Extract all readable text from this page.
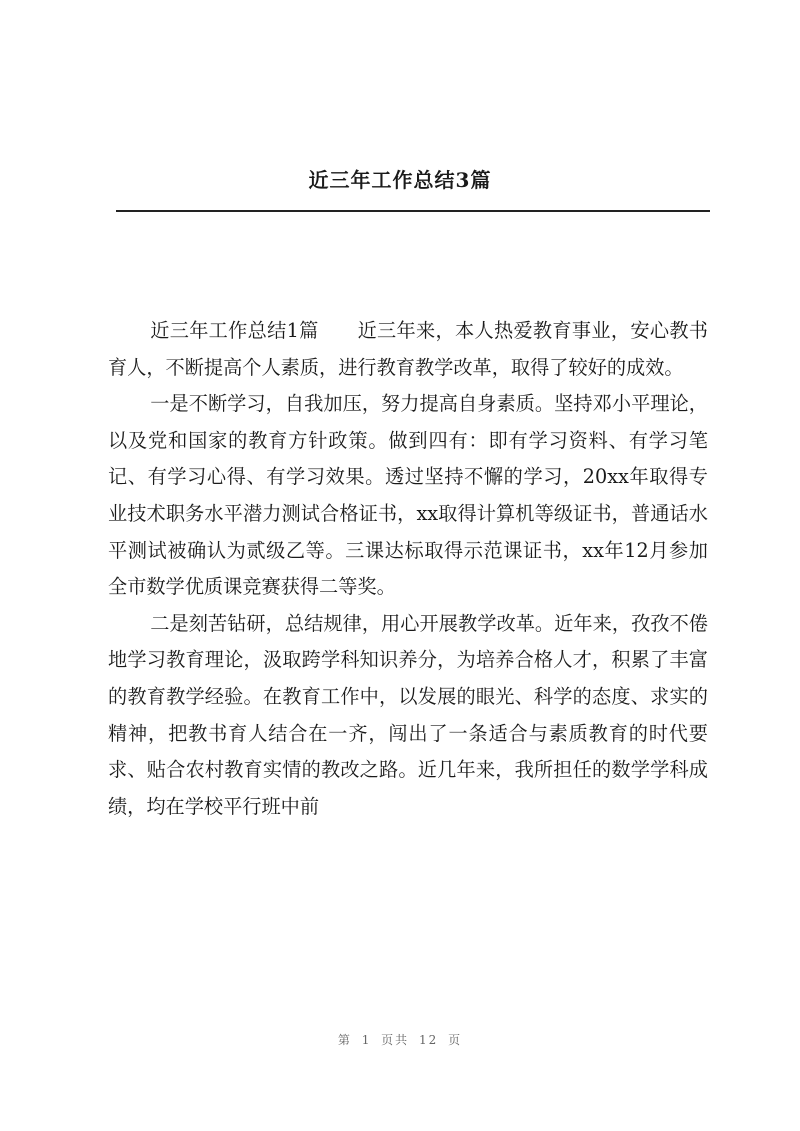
近三年工作总结3篇

近三年工作总结1篇　　近三年来，本人热爱教育事业，安心教书育人，不断提高个人素质，进行教育教学改革，取得了较好的成效。

一是不断学习，自我加压，努力提高自身素质。坚持邓小平理论，以及党和国家的教育方针政策。做到四有：即有学习资料、有学习笔记、有学习心得、有学习效果。透过坚持不懈的学习，20xx年取得专业技术职务水平潜力测试合格证书，xx取得计算机等级证书，普通话水平测试被确认为贰级乙等。三课达标取得示范课证书，xx年12月参加全市数学优质课竞赛获得二等奖。

二是刻苦钻研，总结规律，用心开展教学改革。近年来，孜孜不倦地学习教育理论，汲取跨学科知识养分，为培养合格人才，积累了丰富的教育教学经验。在教育工作中，以发展的眼光、科学的态度、求实的精神，把教书育人结合在一齐，闯出了一条适合与素质教育的时代要求、贴合农村教育实情的教改之路。近几年来，我所担任的数学学科成绩，均在学校平行班中前

第 1 页共 12 页
